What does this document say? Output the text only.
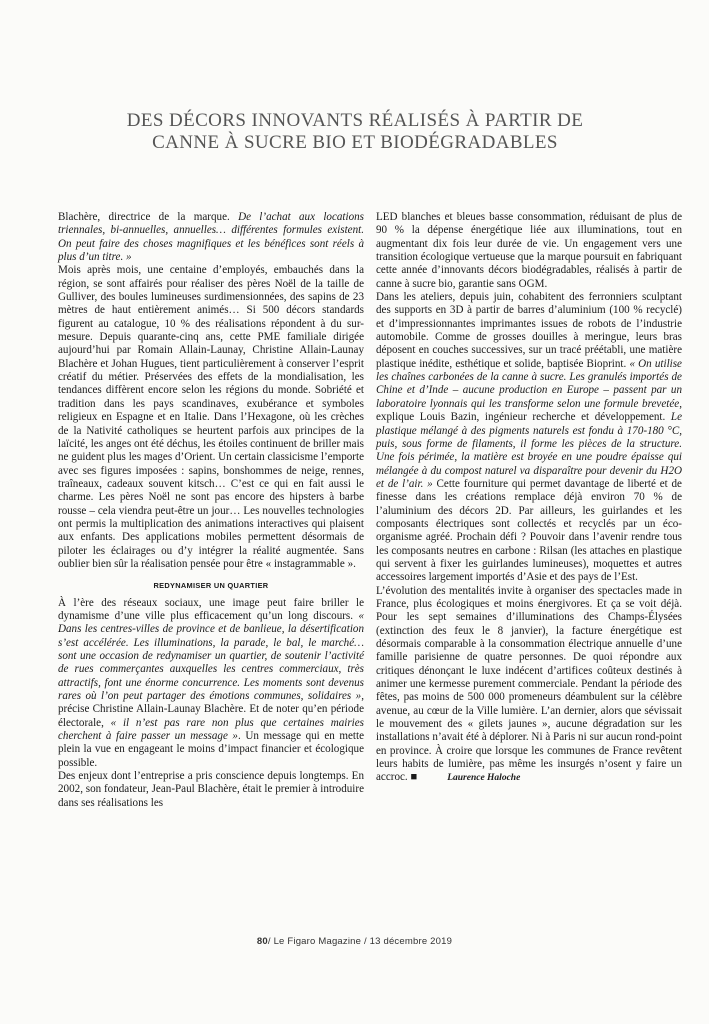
DES DÉCORS INNOVANTS RÉALISÉS À PARTIR DE
CANNE À SUCRE BIO ET BIODÉGRADABLES

Blachère, directrice de la marque. De l’achat aux locations triennales, bi-annuelles, annuelles… différentes formules existent. On peut faire des choses magnifiques et les bénéfices sont réels à plus d’un titre. »

Mois après mois, une centaine d’employés, embauchés dans la région, se sont affairés pour réaliser des pères Noël de la taille de Gulliver, des boules lumineuses surdimensionnées, des sapins de 23 mètres de haut entièrement animés… Si 500 décors standards figurent au catalogue, 10 % des réalisations répondent à du sur-mesure. Depuis quarante-cinq ans, cette PME familiale dirigée aujourd’hui par Romain Allain-Launay, Christine Allain-Launay Blachère et Johan Hugues, tient particulièrement à conserver l’esprit créatif du métier. Préservées des effets de la mondialisation, les tendances diffèrent encore selon les régions du monde. Sobriété et tradition dans les pays scandinaves, exubérance et symboles religieux en Espagne et en Italie. Dans l’Hexagone, où les crèches de la Nativité catholiques se heurtent parfois aux principes de la laïcité, les anges ont été déchus, les étoiles continuent de briller mais ne guident plus les mages d’Orient. Un certain classicisme l’emporte avec ses figures imposées : sapins, bonshommes de neige, rennes, traîneaux, cadeaux souvent kitsch… C’est ce qui en fait aussi le charme. Les pères Noël ne sont pas encore des hipsters à barbe rousse – cela viendra peut-être un jour… Les nouvelles technologies ont permis la multiplication des animations interactives qui plaisent aux enfants. Des applications mobiles permettent désormais de piloter les éclairages ou d’y intégrer la réalité augmentée. Sans oublier bien sûr la réalisation pensée pour être « instagrammable ».

REDYNAMISER UN QUARTIER

À l’ère des réseaux sociaux, une image peut faire briller le dynamisme d’une ville plus efficacement qu’un long discours. « Dans les centres-villes de province et de banlieue, la désertification s’est accélérée. Les illuminations, la parade, le bal, le marché… sont une occasion de redynamiser un quartier, de soutenir l’activité de rues commerçantes auxquelles les centres commerciaux, très attractifs, font une énorme concurrence. Les moments sont devenus rares où l’on peut partager des émotions communes, solidaires », précise Christine Allain-Launay Blachère. Et de noter qu’en période électorale, « il n’est pas rare non plus que certaines mairies cherchent à faire passer un message ». Un message qui en mette plein la vue en engageant le moins d’impact financier et écologique possible.

Des enjeux dont l’entreprise a pris conscience depuis longtemps. En 2002, son fondateur, Jean-Paul Blachère, était le premier à introduire dans ses réalisations les

LED blanches et bleues basse consommation, réduisant de plus de 90 % la dépense énergétique liée aux illuminations, tout en augmentant dix fois leur durée de vie. Un engagement vers une transition écologique vertueuse que la marque poursuit en fabriquant cette année d’innovants décors biodégradables, réalisés à partir de canne à sucre bio, garantie sans OGM.

Dans les ateliers, depuis juin, cohabitent des ferronniers sculptant des supports en 3D à partir de barres d’aluminium (100 % recyclé) et d’impressionnantes imprimantes issues de robots de l’industrie automobile. Comme de grosses douilles à meringue, leurs bras déposent en couches successives, sur un tracé préétabli, une matière plastique inédite, esthétique et solide, baptisée Bioprint. « On utilise les chaînes carbonées de la canne à sucre. Les granulés importés de Chine et d’Inde – aucune production en Europe – passent par un laboratoire lyonnais qui les transforme selon une formule brevetée, explique Louis Bazin, ingénieur recherche et développement. Le plastique mélangé à des pigments naturels est fondu à 170-180 °C, puis, sous forme de filaments, il forme les pièces de la structure. Une fois périmée, la matière est broyée en une poudre épaisse qui mélangée à du compost naturel va disparaître pour devenir du H2O et de l’air. » Cette fourniture qui permet davantage de liberté et de finesse dans les créations remplace déjà environ 70 % de l’aluminium des décors 2D. Par ailleurs, les guirlandes et les composants électriques sont collectés et recyclés par un éco-organisme agréé. Prochain défi ? Pouvoir dans l’avenir rendre tous les composants neutres en carbone : Rilsan (les attaches en plastique qui servent à fixer les guirlandes lumineuses), moquettes et autres accessoires largement importés d’Asie et des pays de l’Est.

L’évolution des mentalités invite à organiser des spectacles made in France, plus écologiques et moins énergivores. Et ça se voit déjà. Pour les sept semaines d’illuminations des Champs-Élysées (extinction des feux le 8 janvier), la facture énergétique est désormais comparable à la consommation électrique annuelle d’une famille parisienne de quatre personnes. De quoi répondre aux critiques dénonçant le luxe indécent d’artifices coûteux destinés à animer une kermesse purement commerciale. Pendant la période des fêtes, pas moins de 500 000 promeneurs déambulent sur la célèbre avenue, au cœur de la Ville lumière. L’an dernier, alors que sévissait le mouvement des « gilets jaunes », aucune dégradation sur les installations n’avait été à déplorer. Ni à Paris ni sur aucun rond-point en province. À croire que lorsque les communes de France revêtent leurs habits de lumière, pas même les insurgés n’osent y faire un accroc. ■	Laurence Haloche

80/ Le Figaro Magazine / 13 décembre 2019
